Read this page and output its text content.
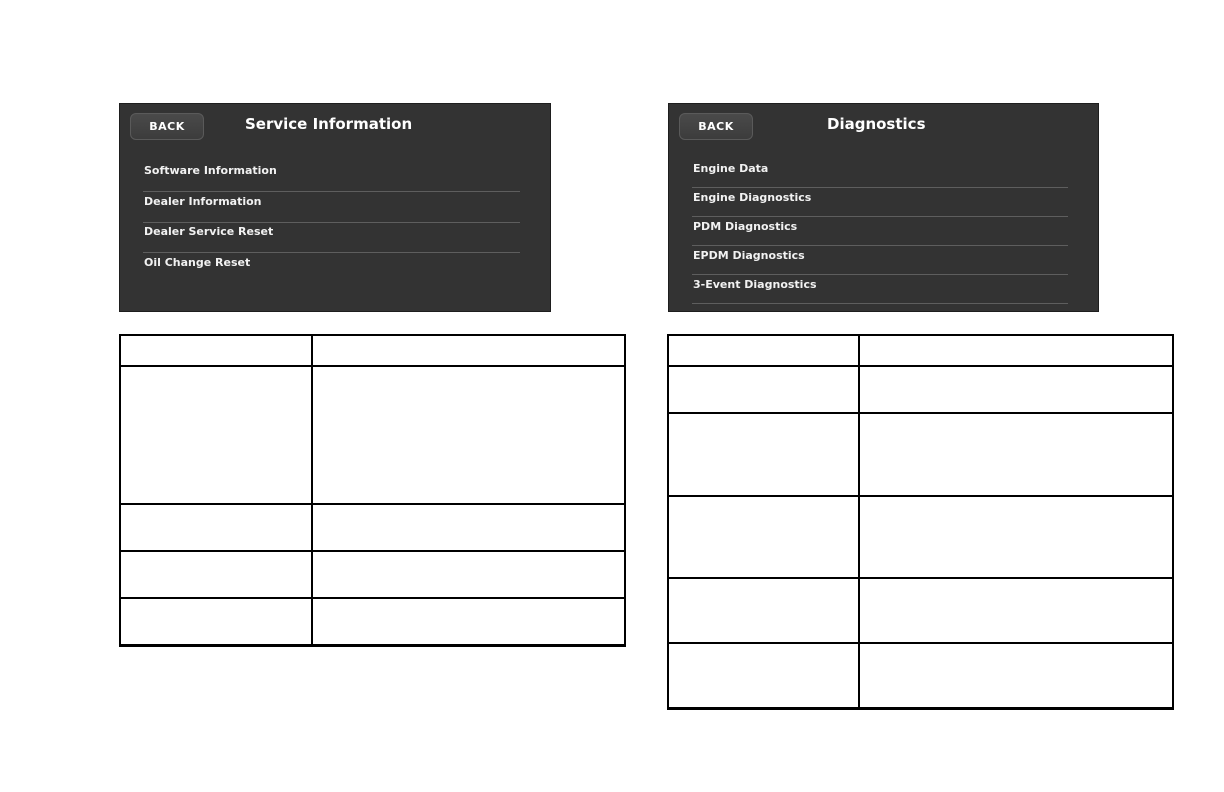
BACK	Service Information
Software Information
Dealer Information
Dealer Service Reset
Oil Change Reset
BACK	Diagnostics
Engine Data
Engine Diagnostics
PDM Diagnostics
EPDM Diagnostics
3-Event Diagnostics
